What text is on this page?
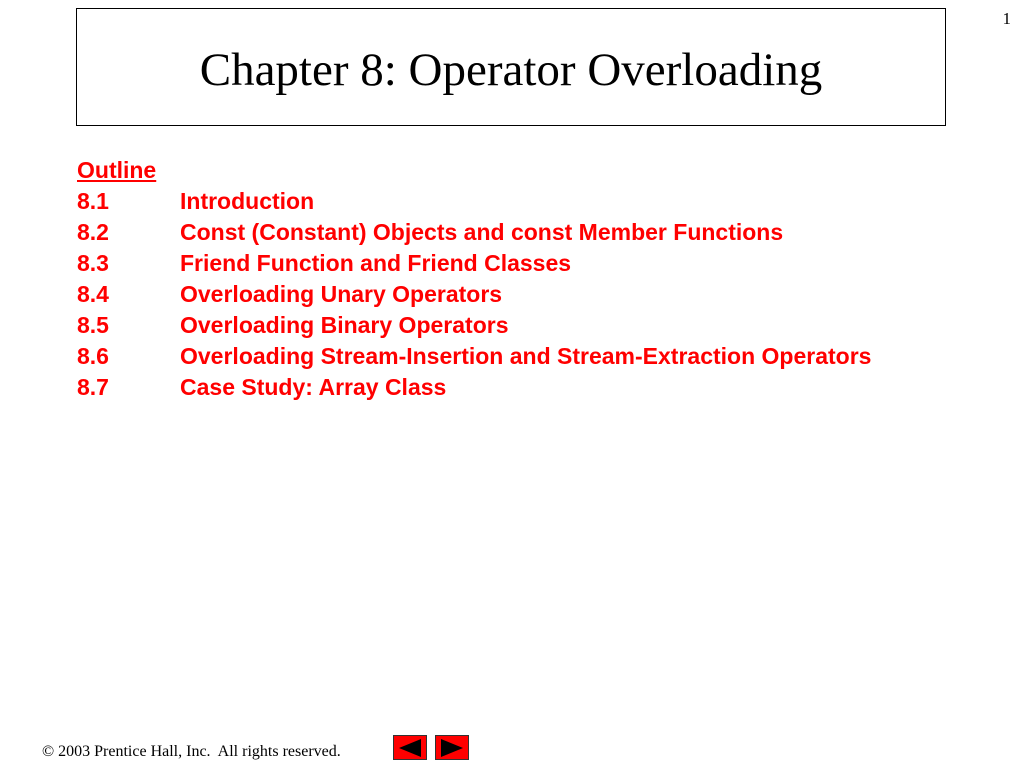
1
Chapter 8: Operator Overloading
Outline
8.1	Introduction
8.2	Const (Constant) Objects and const Member Functions
8.3	Friend Function and Friend Classes
8.4	Overloading Unary Operators
8.5	Overloading Binary Operators
8.6	Overloading Stream-Insertion and Stream-Extraction Operators
8.7	Case Study: Array Class
© 2003 Prentice Hall, Inc.  All rights reserved.
